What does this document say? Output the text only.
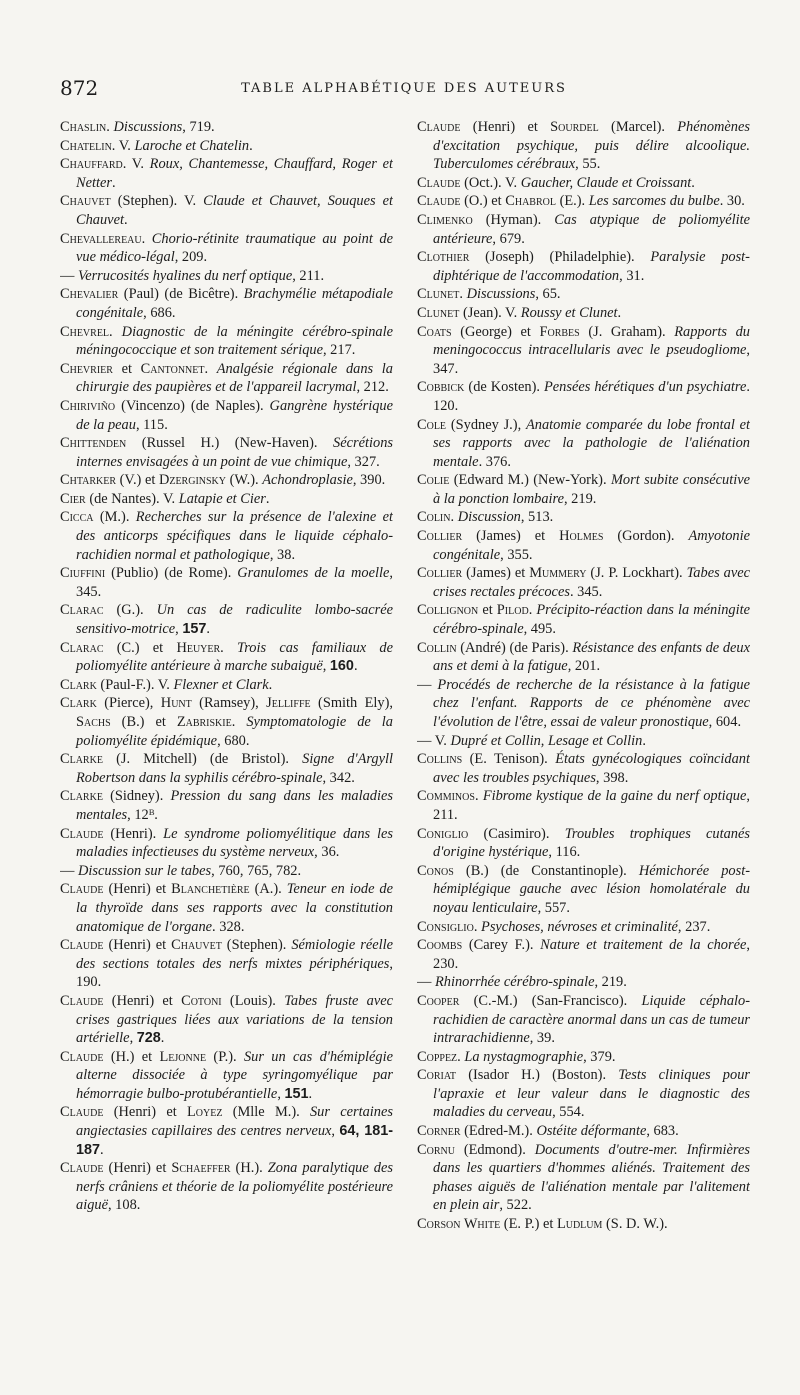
872	TABLE ALPHABÉTIQUE DES AUTEURS

Chaslin. Discussions, 719.

Chatelin. V. Laroche et Chatelin.

Chauffard. V. Roux, Chantemesse, Chauffard, Roger et Netter.

Chauvet (Stephen). V. Claude et Chauvet, Souques et Chauvet.

Chevallereau. Chorio-rétinite traumatique au point de vue médico-légal, 209.

— Verrucosités hyalines du nerf optique, 211.

Chevalier (Paul) (de Bicêtre). Brachymélie métapodiale congénitale, 686.

Chevrel. Diagnostic de la méningite cérébro-spinale méningococcique et son traitement sérique, 217.

Chevrier et Cantonnet. Analgésie régionale dans la chirurgie des paupières et de l'appareil lacrymal, 212.

Chiriviño (Vincenzo) (de Naples). Gangrène hystérique de la peau, 115.

Chittenden (Russel H.) (New-Haven). Sécrétions internes envisagées à un point de vue chimique, 327.

Chtarker (V.) et Dzerginsky (W.). Achondroplasie, 390.

Cier (de Nantes). V. Latapie et Cier.

Cicca (M.). Recherches sur la présence de l'alexine et des anticorps spécifiques dans le liquide céphalo-rachidien normal et pathologique, 38.

Ciuffini (Publio) (de Rome). Granulomes de la moelle, 345.

Clarac (G.). Un cas de radiculite lombo-sacrée sensitivo-motrice, 157.

Clarac (C.) et Heuyer. Trois cas familiaux de poliomyélite antérieure à marche subaiguë, 160.

Clark (Paul-F.). V. Flexner et Clark.

Clark (Pierce), Hunt (Ramsey), Jelliffe (Smith Ely), Sachs (B.) et Zabriskie. Symptomatologie de la poliomyélite épidémique, 680.

Clarke (J. Mitchell) (de Bristol). Signe d'Argyll Robertson dans la syphilis cérébro-spinale, 342.

Clarke (Sidney). Pression du sang dans les maladies mentales, 12ᴮ.

Claude (Henri). Le syndrome poliomyélitique dans les maladies infectieuses du système nerveux, 36.

— Discussion sur le tabes, 760, 765, 782.

Claude (Henri) et Blanchetière (A.). Teneur en iode de la thyroïde dans ses rapports avec la constitution anatomique de l'organe. 328.

Claude (Henri) et Chauvet (Stephen). Sémiologie réelle des sections totales des nerfs mixtes périphériques, 190.

Claude (Henri) et Cotoni (Louis). Tabes fruste avec crises gastriques liées aux variations de la tension artérielle, 728.

Claude (H.) et Lejonne (P.). Sur un cas d'hémiplégie alterne dissociée à type syringomyélique par hémorragie bulbo-protubérantielle, 151.

Claude (Henri) et Loyez (Mlle M.). Sur certaines angiectasies capillaires des centres nerveux, 64, 181-187.

Claude (Henri) et Schaeffer (H.). Zona paralytique des nerfs crâniens et théorie de la poliomyélite postérieure aiguë, 108.

Claude (Henri) et Sourdel (Marcel). Phénomènes d'excitation psychique, puis délire alcoolique. Tuberculomes cérébraux, 55.

Claude (Oct.). V. Gaucher, Claude et Croissant.

Claude (O.) et Chabrol (E.). Les sarcomes du bulbe. 30.

Climenko (Hyman). Cas atypique de poliomyélite antérieure, 679.

Clothier (Joseph) (Philadelphie). Paralysie post-diphtérique de l'accommodation, 31.

Clunet. Discussions, 65.

Clunet (Jean). V. Roussy et Clunet.

Coats (George) et Forbes (J. Graham). Rapports du meningococcus intracellularis avec le pseudogliome, 347.

Cobbick (de Kosten). Pensées hérétiques d'un psychiatre. 120.

Cole (Sydney J.), Anatomie comparée du lobe frontal et ses rapports avec la pathologie de l'aliénation mentale. 376.

Colie (Edward M.) (New-York). Mort subite consécutive à la ponction lombaire, 219.

Colin. Discussion, 513.

Collier (James) et Holmes (Gordon). Amyotonie congénitale, 355.

Collier (James) et Mummery (J. P. Lockhart). Tabes avec crises rectales précoces. 345.

Collignon et Pilod. Précipito-réaction dans la méningite cérébro-spinale, 495.

Collin (André) (de Paris). Résistance des enfants de deux ans et demi à la fatigue, 201.

— Procédés de recherche de la résistance à la fatigue chez l'enfant. Rapports de ce phénomène avec l'évolution de l'être, essai de valeur pronostique, 604.

— V. Dupré et Collin, Lesage et Collin.

Collins (E. Tenison). États gynécologiques coïncidant avec les troubles psychiques, 398.

Comminos. Fibrome kystique de la gaine du nerf optique, 211.

Coniglio (Casimiro). Troubles trophiques cutanés d'origine hystérique, 116.

Conos (B.) (de Constantinople). Hémichorée post-hémiplégique gauche avec lésion homolatérale du noyau lenticulaire, 557.

Consiglio. Psychoses, névroses et criminalité, 237.

Coombs (Carey F.). Nature et traitement de la chorée, 230.

— Rhinorrhée cérébro-spinale, 219.

Cooper (C.-M.) (San-Francisco). Liquide céphalo-rachidien de caractère anormal dans un cas de tumeur intrarachidienne, 39.

Coppez. La nystagmographie, 379.

Coriat (Isador H.) (Boston). Tests cliniques pour l'apraxie et leur valeur dans le diagnostic des maladies du cerveau, 554.

Corner (Edred-M.). Ostéite déformante, 683.

Cornu (Edmond). Documents d'outre-mer. Infirmières dans les quartiers d'hommes aliénés. Traitement des phases aiguës de l'aliénation mentale par l'alitement en plein air, 522.

Corson White (E. P.) et Ludlum (S. D. W.).
